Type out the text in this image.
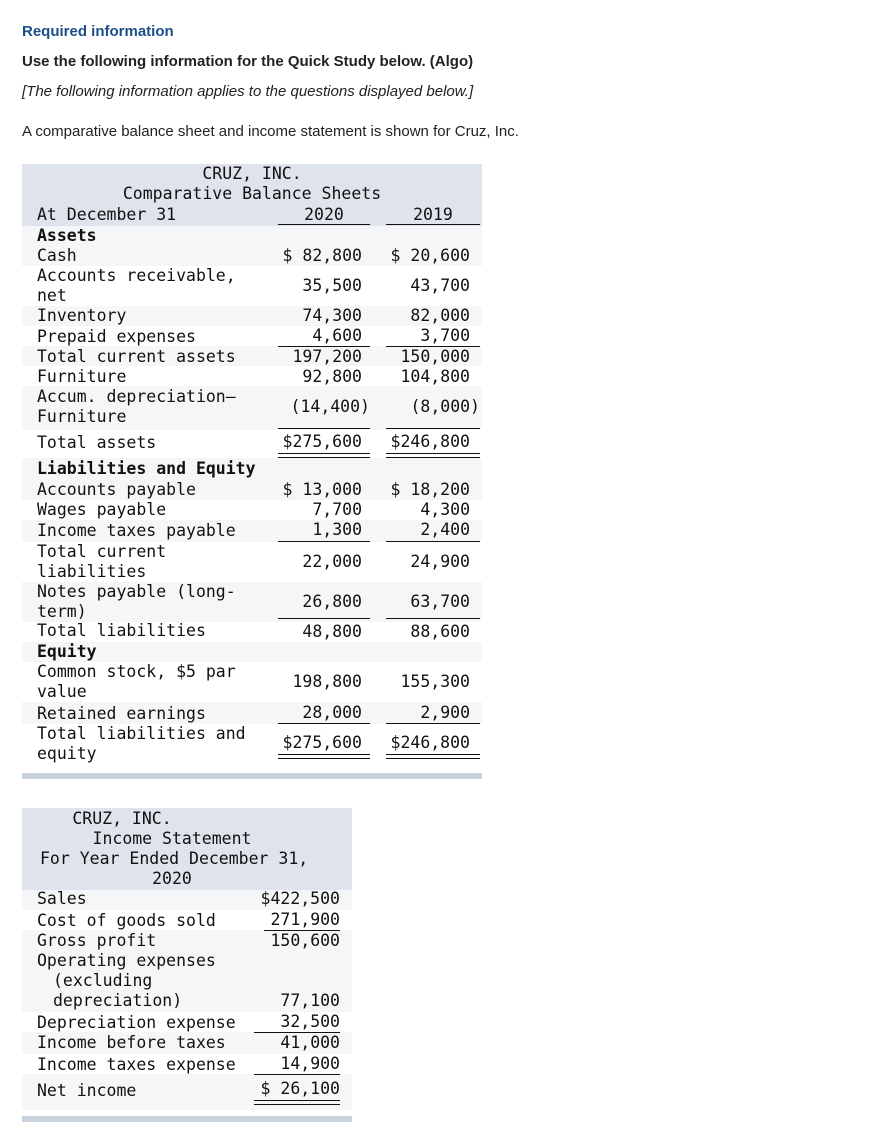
Required information
Use the following information for the Quick Study below. (Algo)
[The following information applies to the questions displayed below.]
A comparative balance sheet and income statement is shown for Cruz, Inc.
CRUZ, INC.
Comparative Balance Sheets
At December 31	2020	2019
Assets
Cash	$ 82,800	$ 20,600
Accounts receivable,
net
35,500	43,700
Inventory	74,300	82,000
Prepaid expenses	4,600	3,700
Total current assets	197,200	150,000
Furniture	92,800	104,800
Accum. depreciation—
Furniture
(14,400)	(8,000)
Total assets	$275,600	$246,800
Liabilities and Equity
Accounts payable	$ 13,000	$ 18,200
Wages payable	7,700	4,300
Income taxes payable	1,300	2,400
Total current
liabilities
22,000	24,900
Notes payable (long-
term)
26,800	63,700
Total liabilities	48,800	88,600
Equity
Common stock, $5 par
value
198,800	155,300
Retained earnings	28,000	2,900
Total liabilities and
equity
$275,600	$246,800
CRUZ, INC.
Income Statement
For Year Ended December 31,
2020
Sales	$422,500
Cost of goods sold	271,900
Gross profit	150,600
Operating expenses
(excluding
depreciation)	77,100
Depreciation expense	32,500
Income before taxes	41,000
Income taxes expense	14,900
Net income	$ 26,100
